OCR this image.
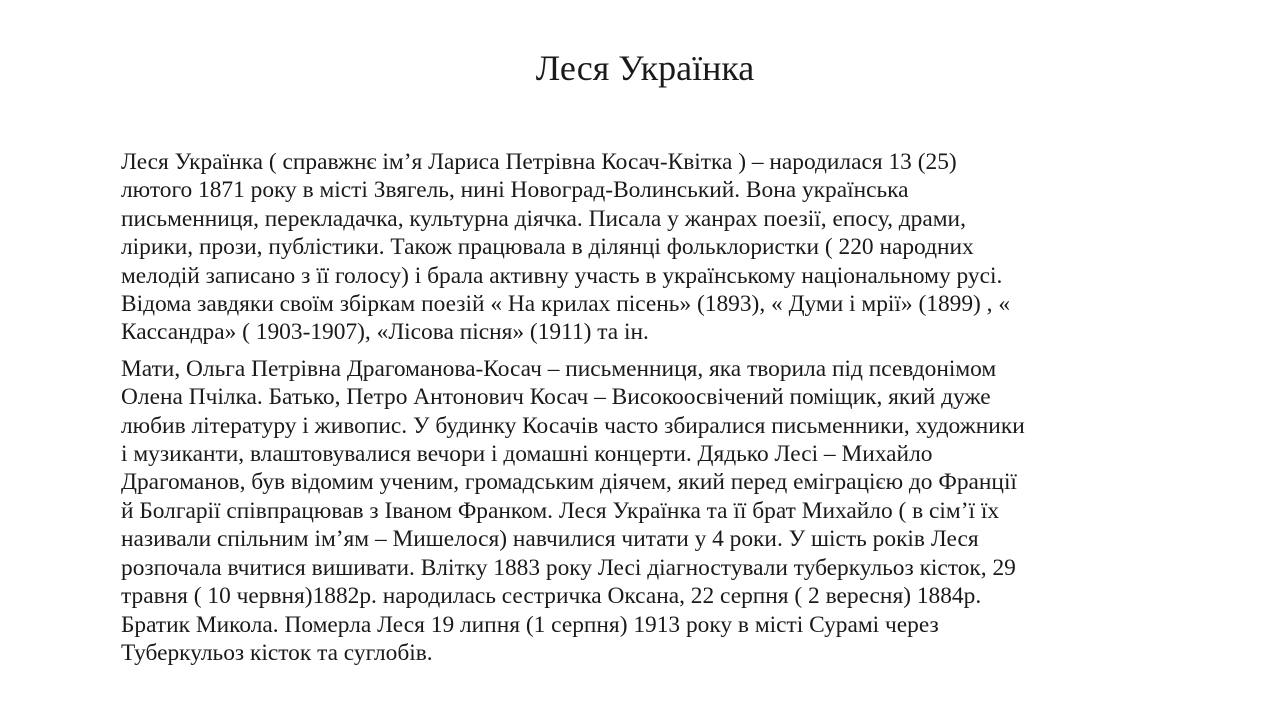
Леся Українка

Леся Українка ( справжнє ім’я Лариса Петрівна Косач-Квітка ) – народилася 13 (25)
лютого 1871 року в місті Звягель, нині Новоград-Волинський. Вона українська
письменниця, перекладачка, культурна діячка. Писала у жанрах поезії, епосу, драми,
лірики, прози, публістики. Також працювала в ділянці фольклористки ( 220 народних
мелодій записано з її голосу) і брала активну участь в українському національному русі.
Відома завдяки своїм збіркам поезій « На крилах пісень» (1893), « Думи і мрії» (1899) , «
Кассандра» ( 1903-1907), «Лісова пісня» (1911) та ін.

Мати, Ольга Петрівна Драгоманова-Косач – письменниця, яка творила під псевдонімом
Олена Пчілка. Батько, Петро Антонович Косач – Високоосвічений поміщик, який дуже
любив літературу і живопис. У будинку Косачів часто збиралися письменники, художники
і музиканти, влаштовувалися вечори і домашні концерти. Дядько Лесі – Михайло
Драгоманов, був відомим ученим, громадським діячем, який перед еміграцією до Франції
й Болгарії співпрацював з Іваном Франком. Леся Українка та її брат Михайло ( в сім’ї їх
називали спільним ім’ям – Мишелося) навчилися читати у 4 роки. У шість років Леся
розпочала вчитися вишивати. Влітку 1883 року Лесі діагностували туберкульоз кісток, 29
травня ( 10 червня)1882р. народилась сестричка Оксана, 22 серпня ( 2 вересня) 1884р.
Братик Микола. Померла Леся 19 липня (1 серпня) 1913 року в місті Сурамі через
Туберкульоз кісток та суглобів.
